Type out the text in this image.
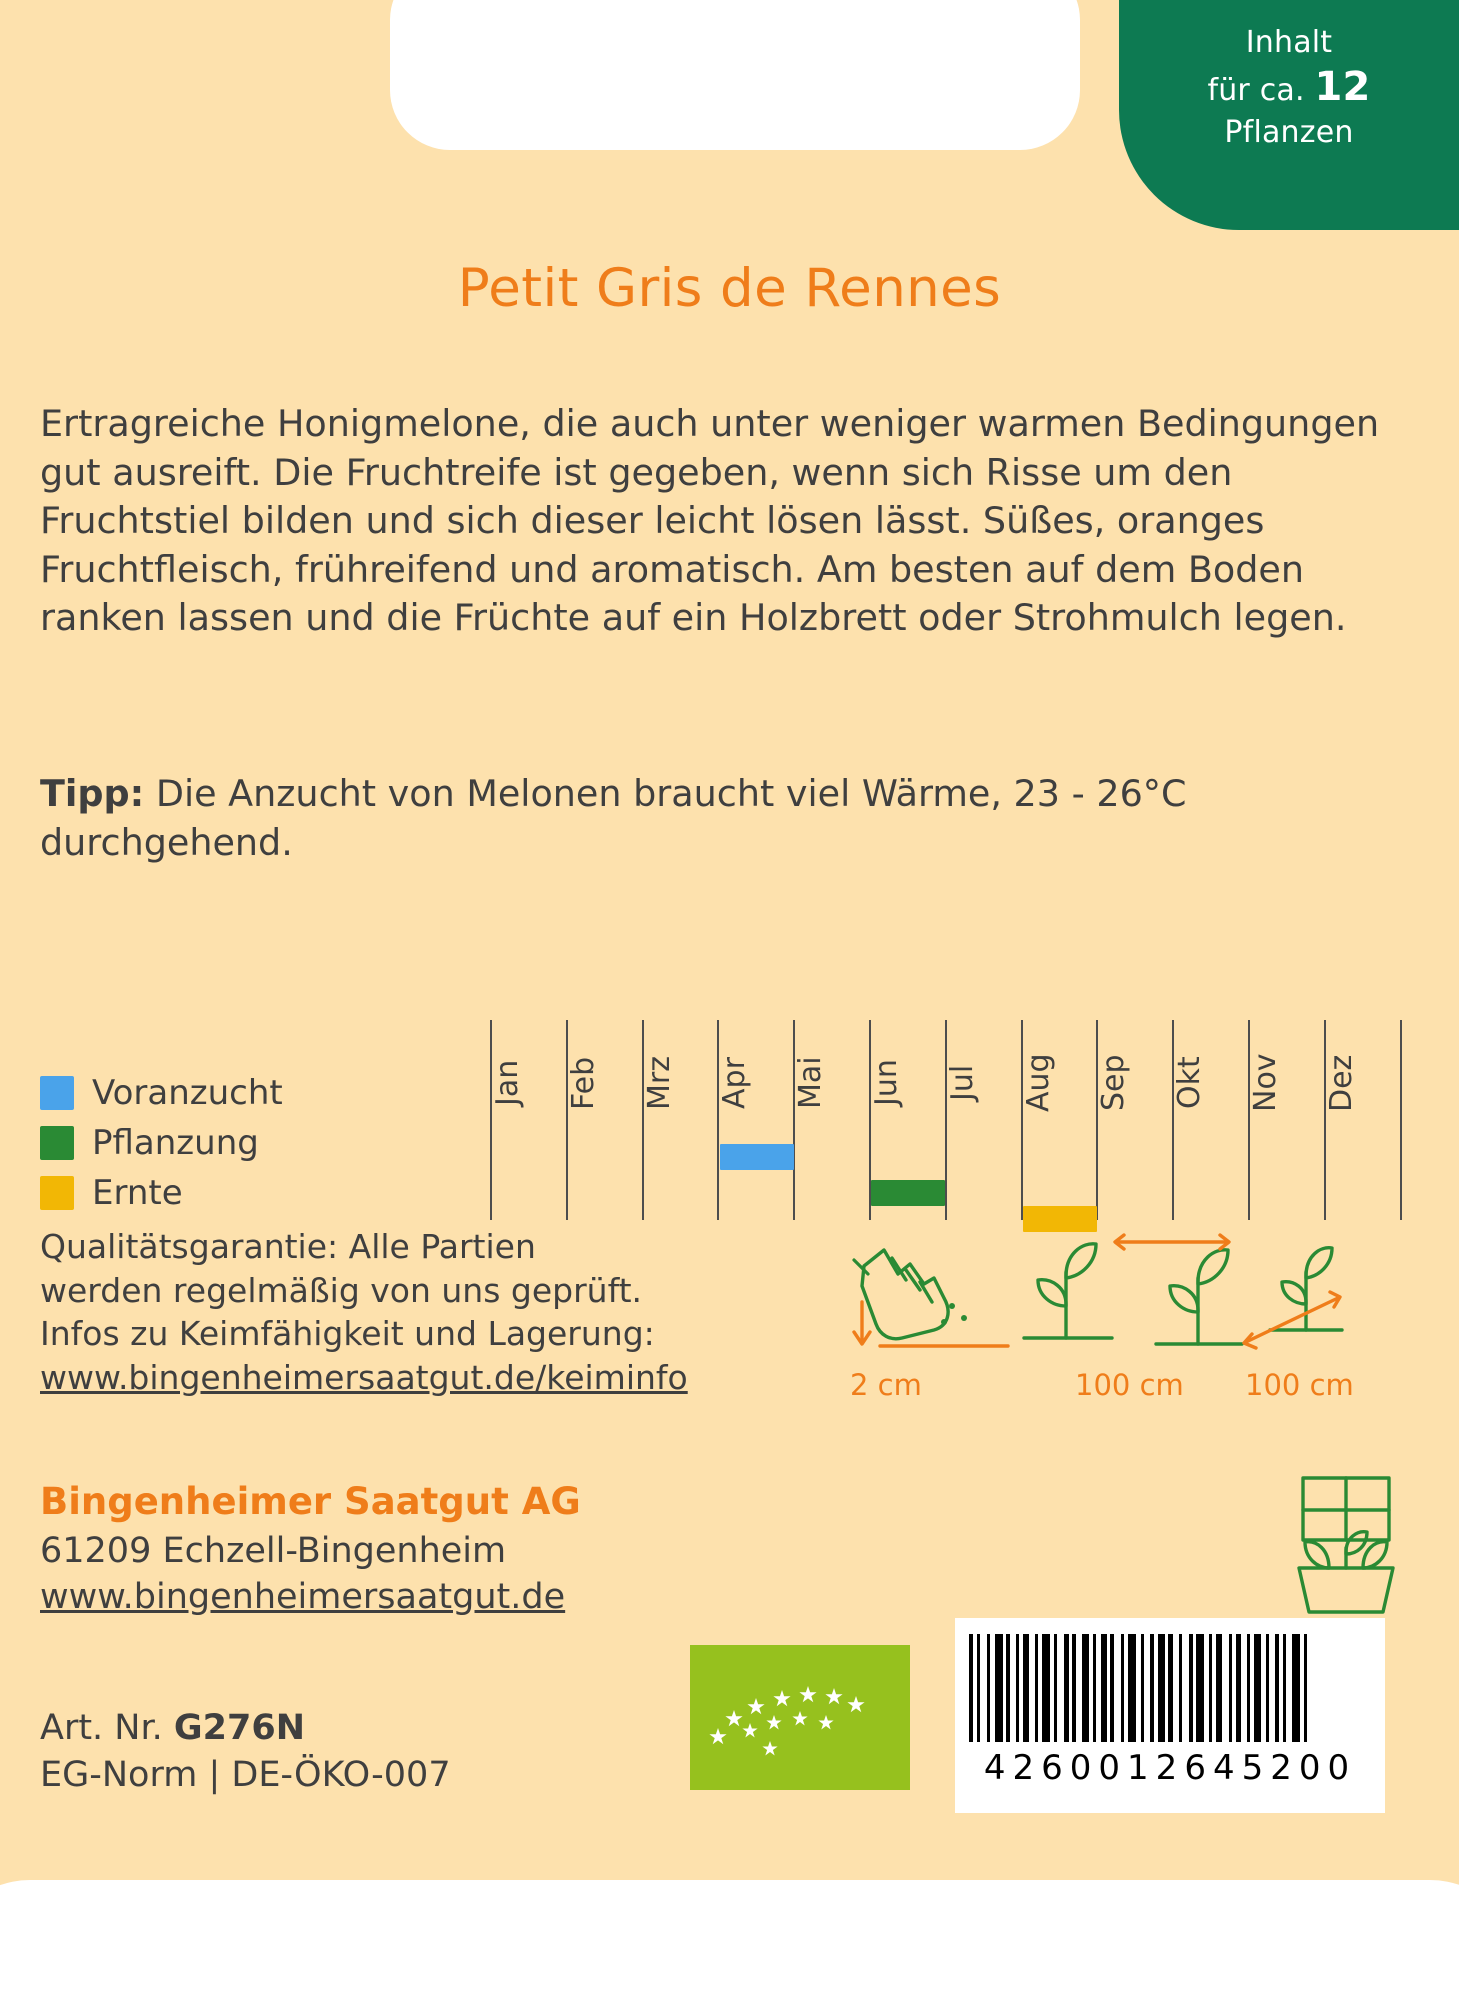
Inhalt
für ca. 12
Pflanzen
Petit Gris de Rennes
Ertragreiche Honigmelone, die auch unter weniger warmen Bedingungen gut ausreift. Die Fruchtreife ist gegeben, wenn sich Risse um den Fruchtstiel bilden und sich dieser leicht lösen lässt. Süßes, oranges Fruchtfleisch, frühreifend und aromatisch. Am besten auf dem Boden ranken lassen und die Früchte auf ein Holzbrett oder Strohmulch legen.
Tipp: Die Anzucht von Melonen braucht viel Wärme, 23 - 26°C durchgehend.
Voranzucht
Pflanzung
Ernte
Jan	Feb	Mrz	Apr	Mai	Jun	Jul	Aug	Sep	Okt	Nov	Dez
Qualitätsgarantie: Alle Partien
werden regelmäßig von uns geprüft.
Infos zu Keimfähigkeit und Lagerung:
www.bingenheimersaatgut.de/keiminfo	2 cm	100 cm 100 cm
Bingenheimer Saatgut AG
61209 Echzell-Bingenheim
www.bingenheimersaatgut.de
Art. Nr. G276N
EG-Norm | DE-ÖKO-007	4260012645200
